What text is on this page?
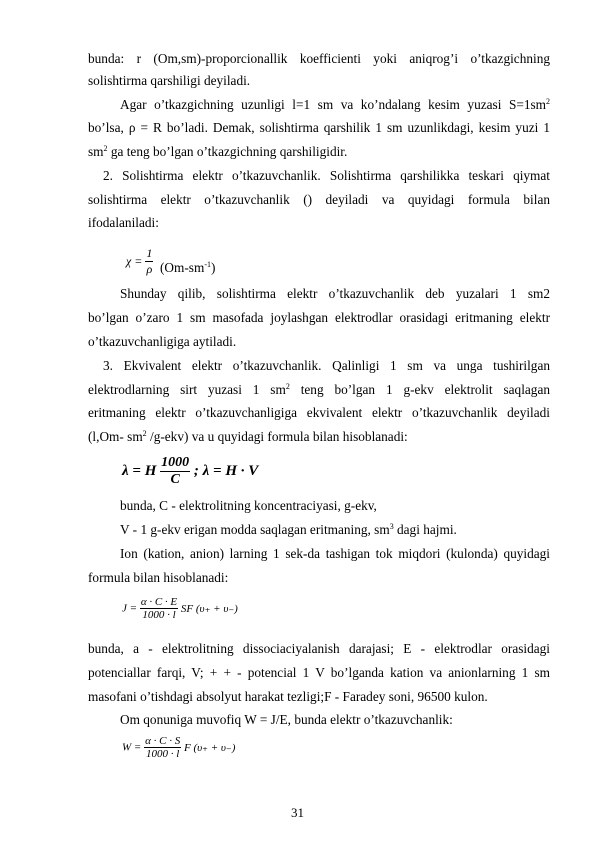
bunda: r (Om,sm)-proporcionallik koefficienti yoki aniqrog’i o’tkazgichning
solishtirma qarshiligi deyiladi.
Agar o’tkazgichning uzunligi l=1 sm va ko’ndalang kesim yuzasi $S=1sm^2$
bo’lsa, ρ = R bo’ladi. Demak, solishtirma qarshilik 1 sm uzunlikdagi, kesim yuzi 1
$sm^2$ ga teng bo’lgan o’tkazgichning qarshiligidir.
2. Solishtirma elektr o’tkazuvchanlik. Solishtirma qarshilikka teskari qiymat
solishtirma elektr o’tkazuvchanlik () deyiladi va quyidagi formula bilan
ifodalaniladi:
$\chi = \frac{1}{\rho} (Om-sm^{-1})$
Shunday qilib, solishtirma elektr o’tkazuvchanlik deb yuzalari 1 sm2
bo’lgan o’zaro 1 sm masofada joylashgan elektrodlar orasidagi eritmaning elektr
o’tkazuvchanligiga aytiladi.
3. Ekvivalent elektr o’tkazuvchanlik. Qalinligi 1 sm va unga tushirilgan
elektrodlarning sirt yuzasi 1 $sm^2$ teng bo’lgan 1 g-ekv elektrolit saqlagan
eritmaning elektr o’tkazuvchanligiga ekvivalent elektr o’tkazuvchanlik deyiladi
(l,Om- $sm^2$ /g-ekv) va u quyidagi formula bilan hisoblanadi:
λ = H $\frac{1000}{C}$ ; λ = H · V
bunda, C - elektrolitning koncentraciyasi, g-ekv,
V - 1 g-ekv erigan modda saqlagan eritmaning, $sm^3$ dagi hajmi.
Ion (kation, anion) larning 1 sek-da tashigan tok miqdori (kulonda) quyidagi
formula bilan hisoblanadi:
$J = \frac{\alpha \cdot C \cdot E}{1000 \cdot l}$ SF (υ₊ + υ₋)
bunda, a - elektrolitning dissociaciyalanish darajasi; E - elektrodlar orasidagi
potenciallar farqi, V; + + - potencial 1 V bo’lganda kation va anionlarning 1 sm
masofani o’tishdagi absolyut harakat tezligi;F - Faradey soni, 96500 kulon.
Om qonuniga muvofiq W = J/E, bunda elektr o’tkazuvchanlik:
$W = \frac{\alpha \cdot C \cdot S}{1000 \cdot l}$ F (υ₊ + υ₋)
31
